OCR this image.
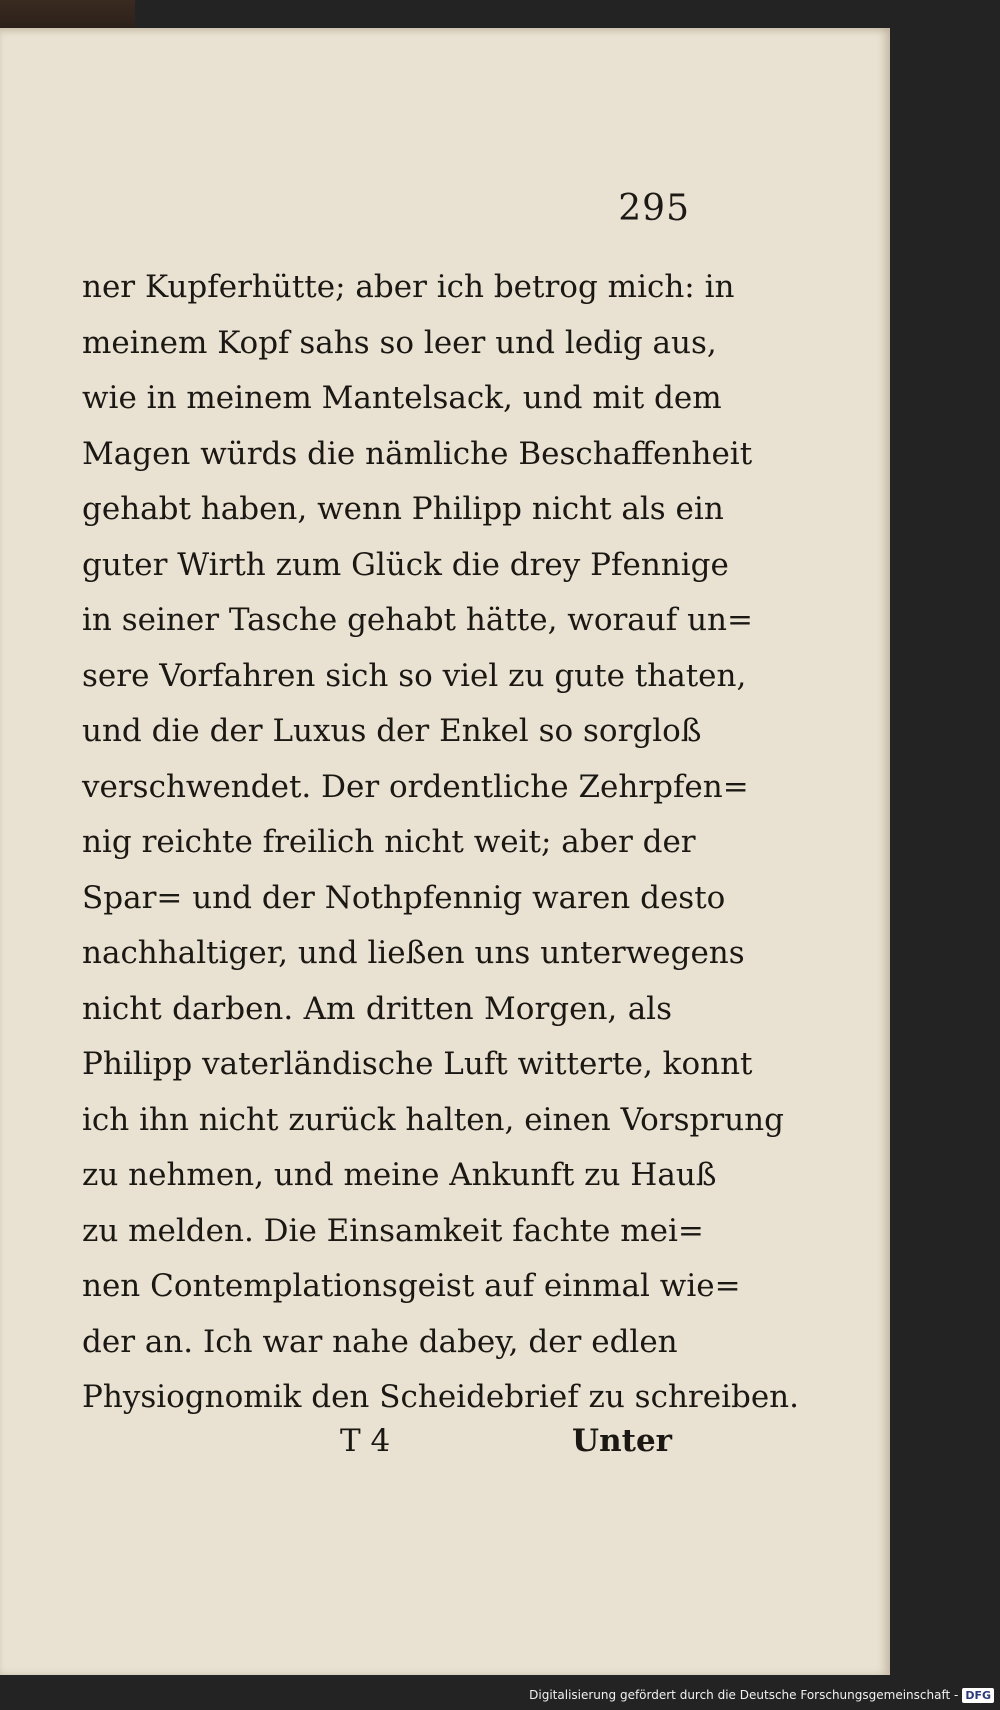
295
ner Kupferhütte; aber ich betrog mich: in
meinem Kopf sahs so leer und ledig aus,
wie in meinem Mantelsack, und mit dem
Magen würds die nämliche Beschaffenheit
gehabt haben, wenn Philipp nicht als ein
guter Wirth zum Glück die drey Pfennige
in seiner Tasche gehabt hätte, worauf un=
sere Vorfahren sich so viel zu gute thaten,
und die der Luxus der Enkel so sorgloß
verschwendet. Der ordentliche Zehrpfen=
nig reichte freilich nicht weit; aber der
Spar= und der Nothpfennig waren desto
nachhaltiger, und ließen uns unterwegens
nicht darben. Am dritten Morgen, als
Philipp vaterländische Luft witterte, konnt
ich ihn nicht zurück halten, einen Vorsprung
zu nehmen, und meine Ankunft zu Hauß
zu melden. Die Einsamkeit fachte mei=
nen Contemplationsgeist auf einmal wie=
der an. Ich war nahe dabey, der edlen
Physiognomik den Scheidebrief zu schreiben.
T 4	Unter
Digitalisierung gefördert durch die Deutsche Forschungsgemeinschaft - DFG
